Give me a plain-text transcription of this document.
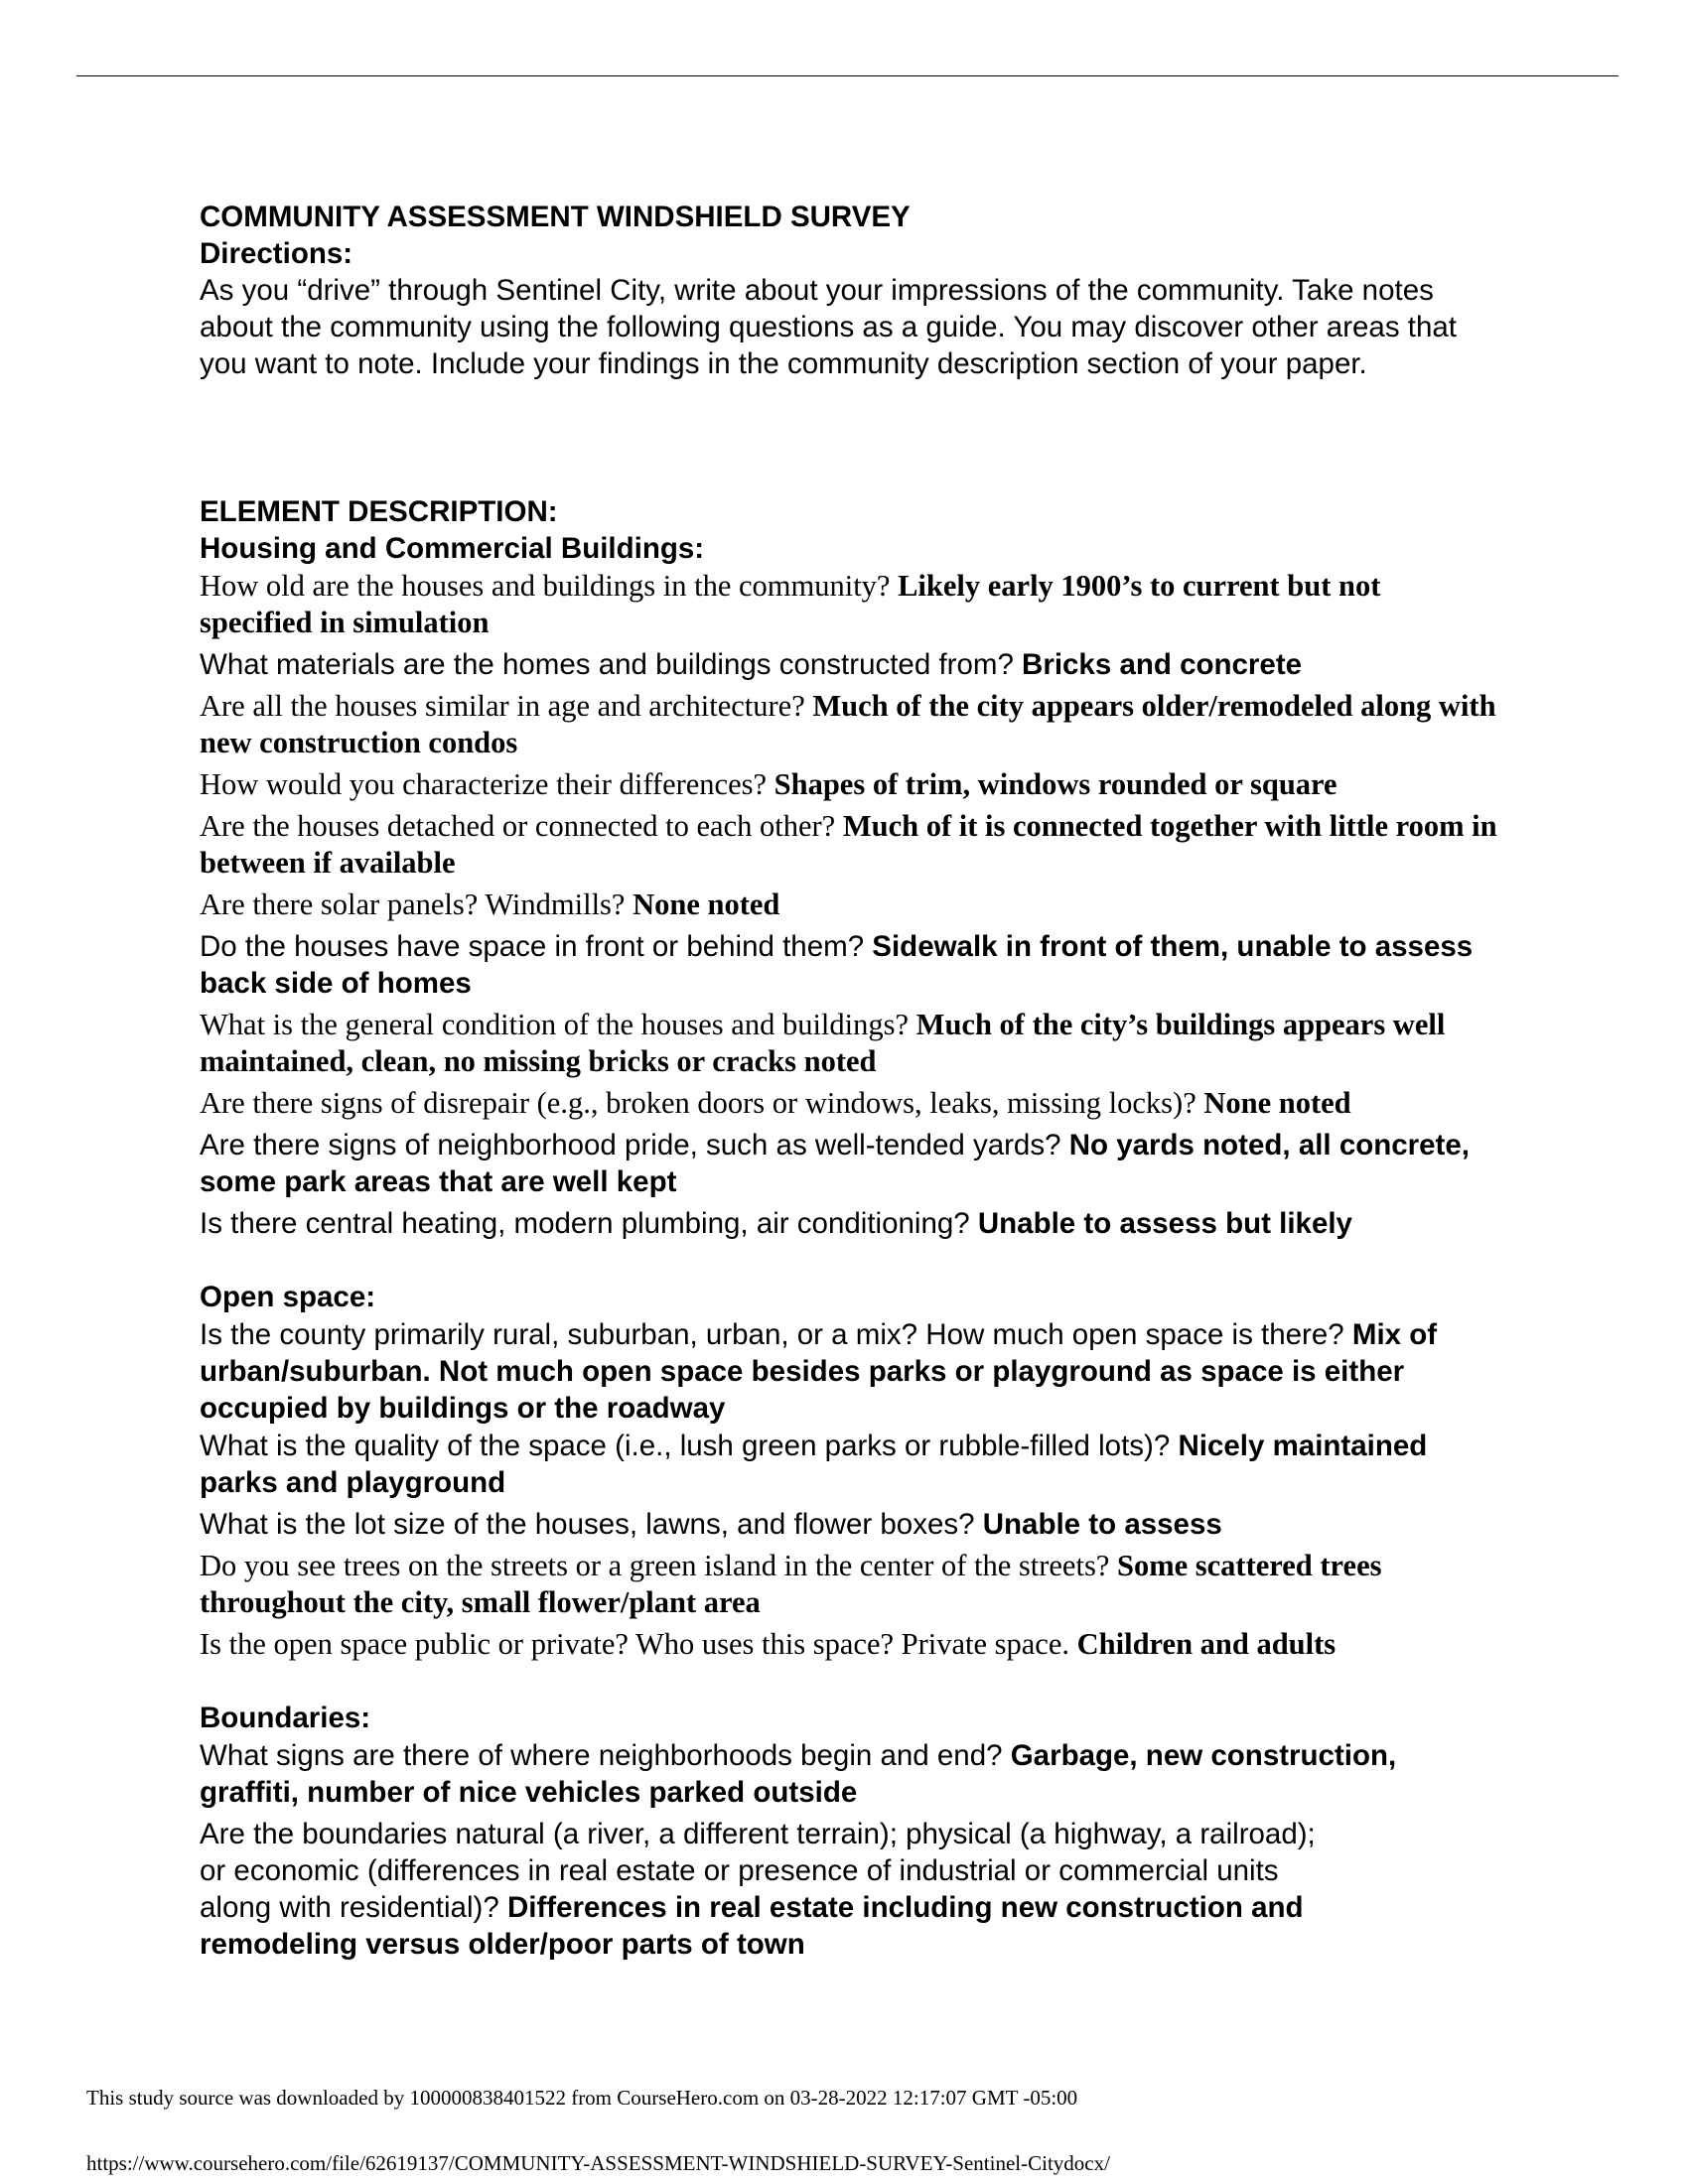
COMMUNITY ASSESSMENT WINDSHIELD SURVEY

Directions:

As you “drive” through Sentinel City, write about your impressions of the community. Take notes about the community using the following questions as a guide. You may discover other areas that you want to note. Include your findings in the community description section of your paper.

ELEMENT DESCRIPTION:

Housing and Commercial Buildings:

How old are the houses and buildings in the community? Likely early 1900’s to current but not specified in simulation

What materials are the homes and buildings constructed from? Bricks and concrete

Are all the houses similar in age and architecture? Much of the city appears older/remodeled along with new construction condos

How would you characterize their differences? Shapes of trim, windows rounded or square

Are the houses detached or connected to each other? Much of it is connected together with little room in between if available

Are there solar panels? Windmills? None noted

Do the houses have space in front or behind them? Sidewalk in front of them, unable to assess back side of homes

What is the general condition of the houses and buildings? Much of the city’s buildings appears well maintained, clean, no missing bricks or cracks noted

Are there signs of disrepair (e.g., broken doors or windows, leaks, missing locks)? None noted

Are there signs of neighborhood pride, such as well-tended yards? No yards noted, all concrete, some park areas that are well kept

Is there central heating, modern plumbing, air conditioning? Unable to assess but likely

Open space:

Is the county primarily rural, suburban, urban, or a mix? How much open space is there? Mix of urban/suburban. Not much open space besides parks or playground as space is either occupied by buildings or the roadway

What is the quality of the space (i.e., lush green parks or rubble-filled lots)? Nicely maintained parks and playground

What is the lot size of the houses, lawns, and flower boxes? Unable to assess

Do you see trees on the streets or a green island in the center of the streets? Some scattered trees throughout the city, small flower/plant area

Is the open space public or private? Who uses this space? Private space. Children and adults

Boundaries:

What signs are there of where neighborhoods begin and end? Garbage, new construction, graffiti, number of nice vehicles parked outside

Are the boundaries natural (a river, a different terrain); physical (a highway, a railroad); or economic (differences in real estate or presence of industrial or commercial units along with residential)? Differences in real estate including new construction and remodeling versus older/poor parts of town

This study source was downloaded by 100000838401522 from CourseHero.com on 03-28-2022 12:17:07 GMT -05:00
https://www.coursehero.com/file/62619137/COMMUNITY-ASSESSMENT-WINDSHIELD-SURVEY-Sentinel-Citydocx/
